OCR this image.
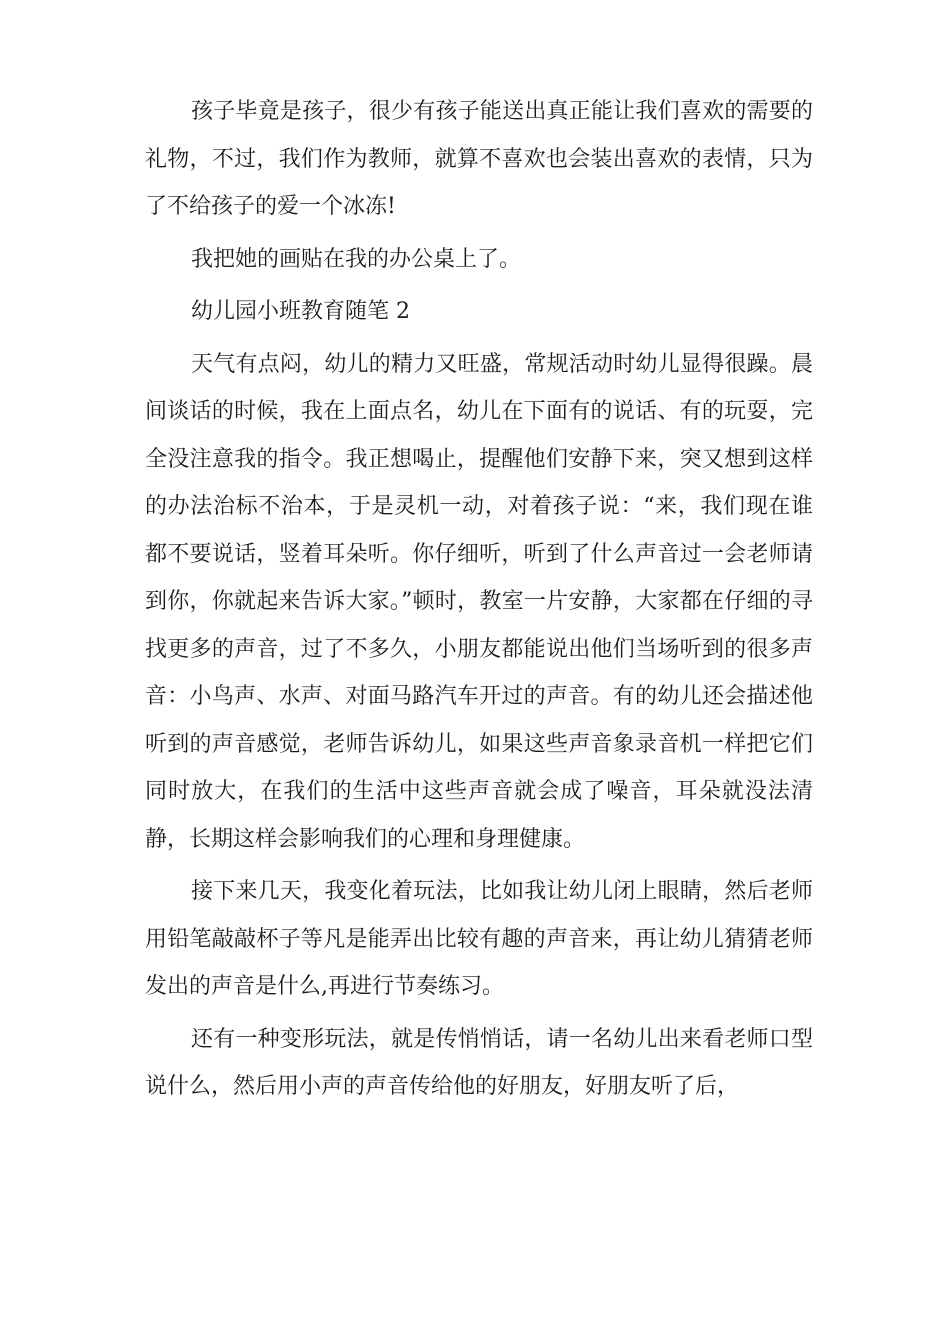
孩子毕竟是孩子，很少有孩子能送出真正能让我们喜欢的需要的礼物，不过，我们作为教师，就算不喜欢也会装出喜欢的表情，只为了不给孩子的爱一个冰冻!

我把她的画贴在我的办公桌上了。

幼儿园小班教育随笔 2

天气有点闷，幼儿的精力又旺盛，常规活动时幼儿显得很躁。晨间谈话的时候，我在上面点名，幼儿在下面有的说话、有的玩耍，完全没注意我的指令。我正想喝止，提醒他们安静下来，突又想到这样的办法治标不治本，于是灵机一动，对着孩子说：“来，我们现在谁都不要说话，竖着耳朵听。你仔细听，听到了什么声音过一会老师请到你，你就起来告诉大家。”顿时，教室一片安静，大家都在仔细的寻找更多的声音，过了不多久，小朋友都能说出他们当场听到的很多声音：小鸟声、水声、对面马路汽车开过的声音。有的幼儿还会描述他听到的声音感觉，老师告诉幼儿，如果这些声音象录音机一样把它们同时放大，在我们的生活中这些声音就会成了噪音，耳朵就没法清静，长期这样会影响我们的心理和身理健康。

接下来几天，我变化着玩法，比如我让幼儿闭上眼睛，然后老师用铅笔敲敲杯子等凡是能弄出比较有趣的声音来，再让幼儿猜猜老师发出的声音是什么,再进行节奏练习。

还有一种变形玩法，就是传悄悄话，请一名幼儿出来看老师口型说什么，然后用小声的声音传给他的好朋友，好朋友听了后，
